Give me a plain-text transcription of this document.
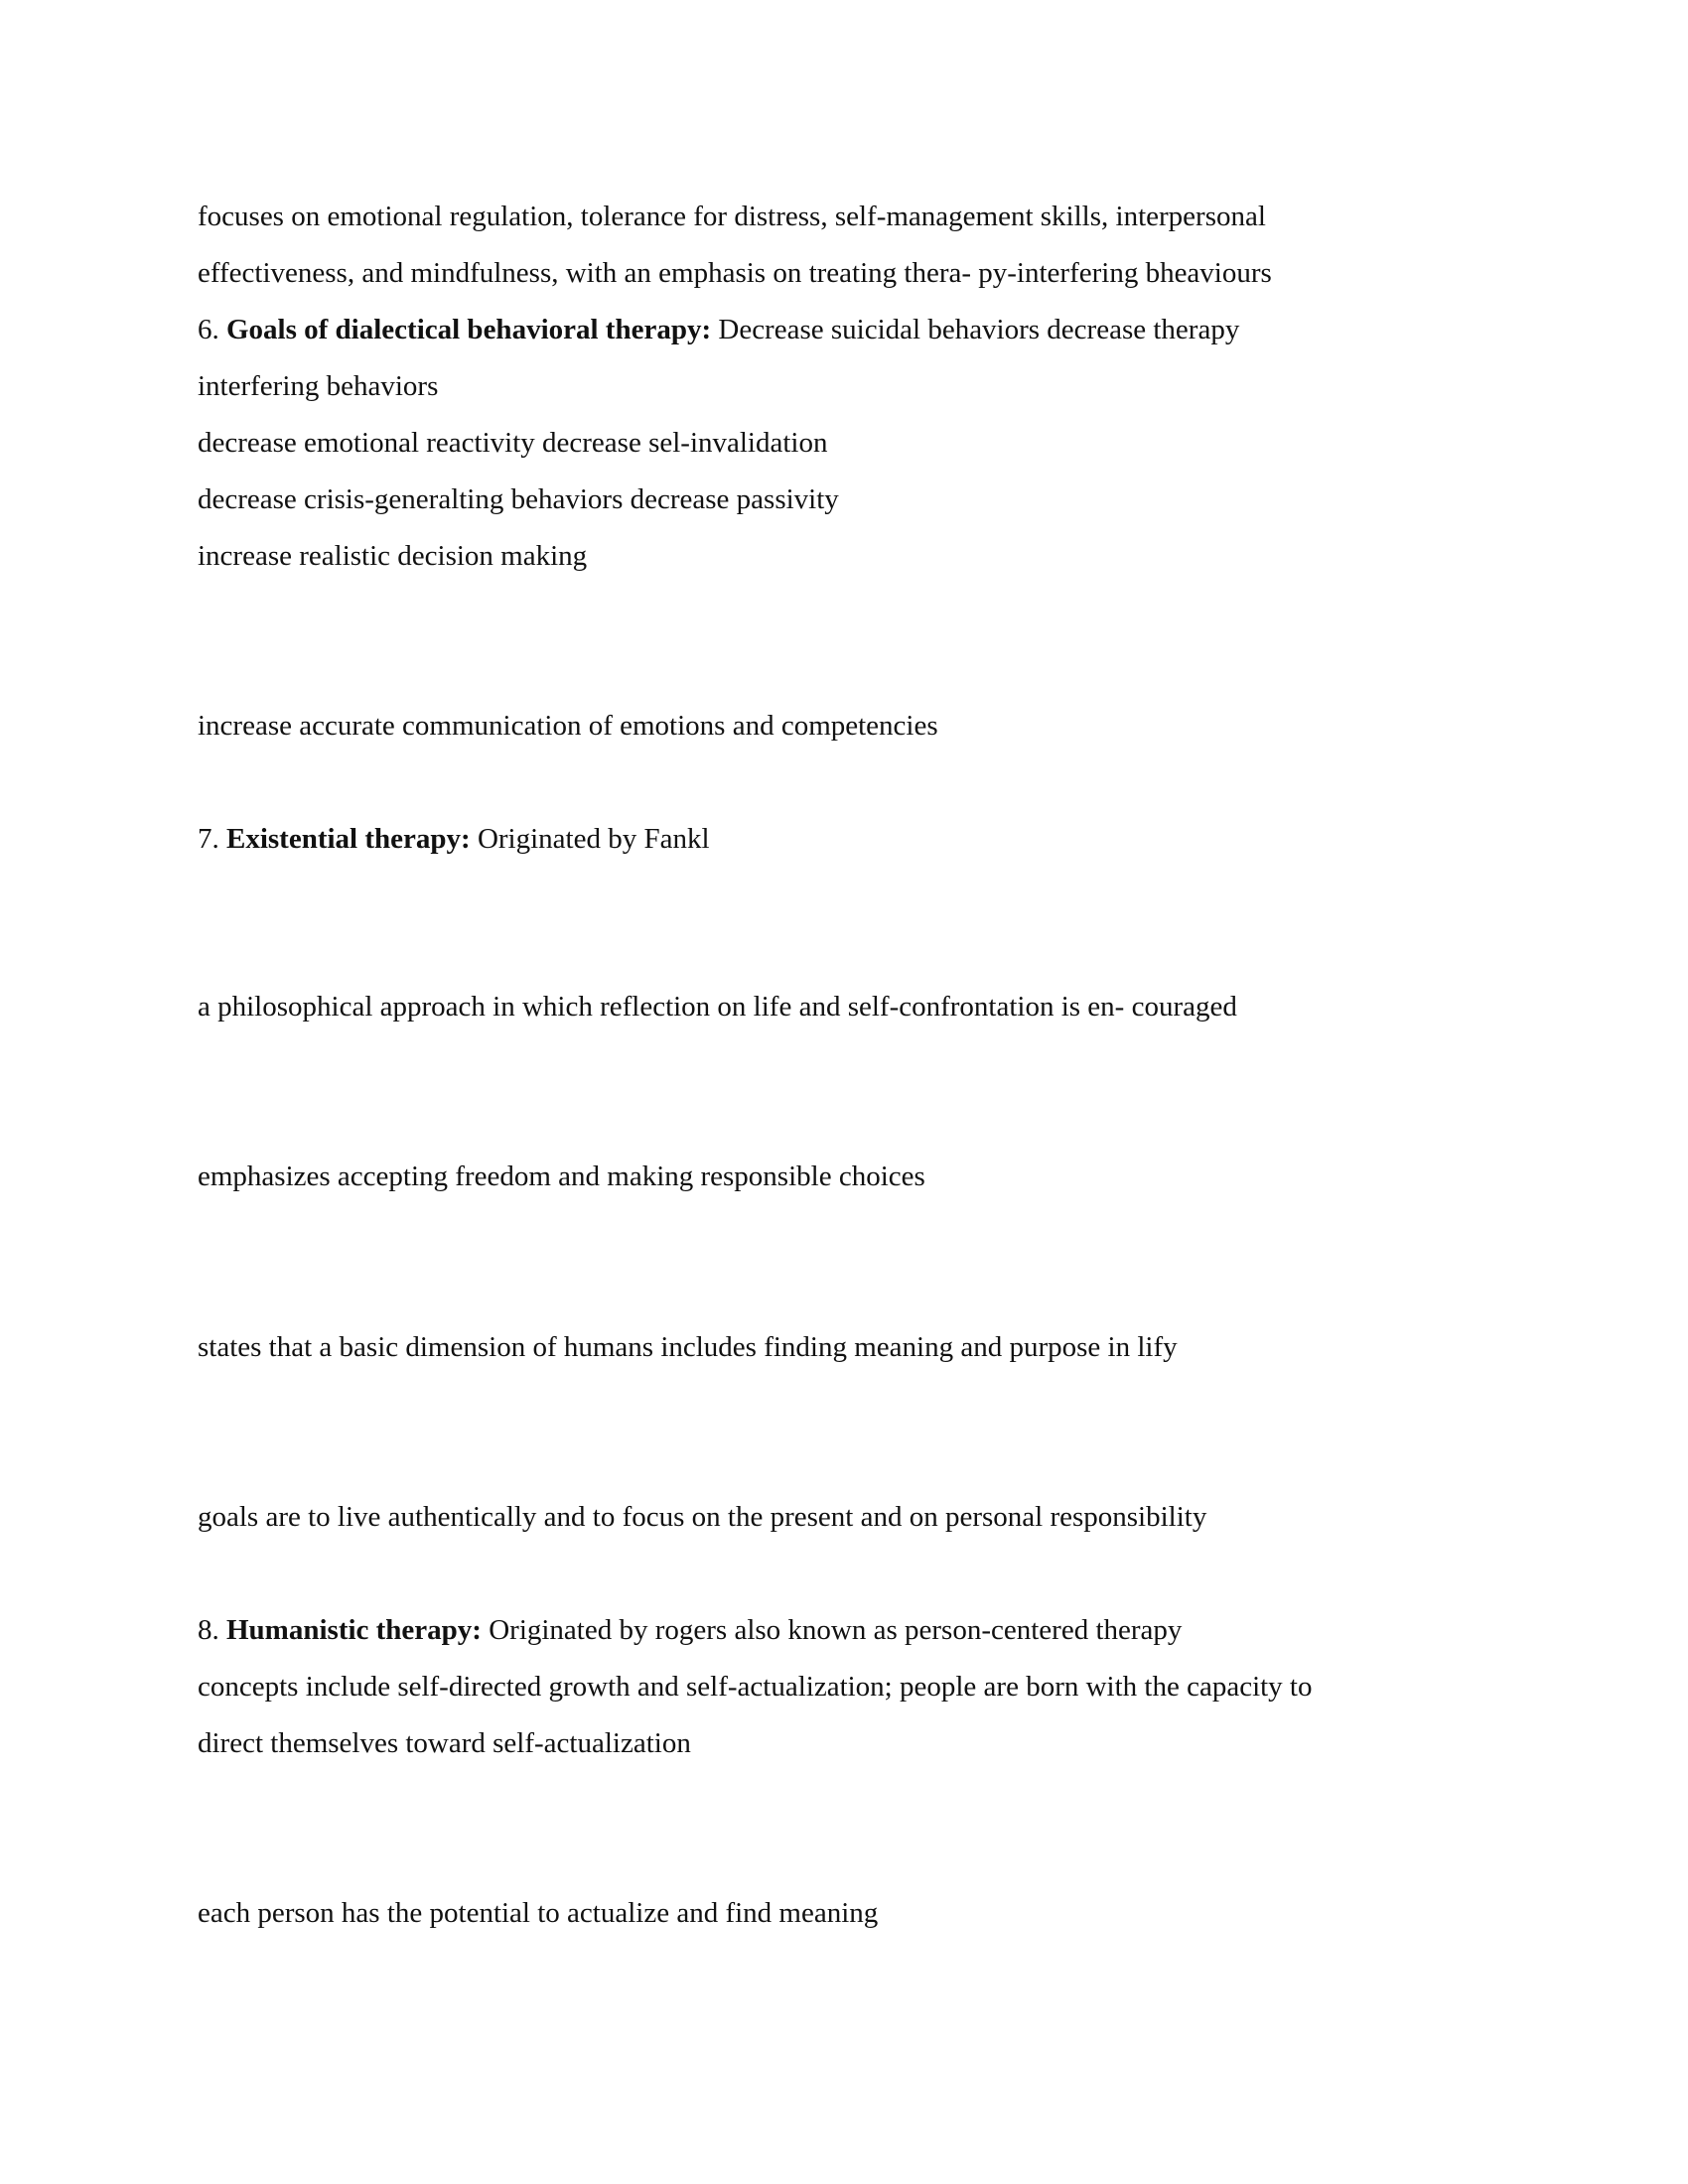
focuses on emotional regulation, tolerance for distress, self-management skills, interpersonal
effectiveness, and mindfulness, with an emphasis on treating thera- py-interfering bheaviours
6. Goals of dialectical behavioral therapy: Decrease suicidal behaviors decrease therapy
interfering behaviors
decrease emotional reactivity decrease sel-invalidation
decrease crisis-generalting behaviors decrease passivity
increase realistic decision making
increase accurate communication of emotions and competencies
7. Existential therapy: Originated by Fankl
a philosophical approach in which reflection on life and self-confrontation is en- couraged
emphasizes accepting freedom and making responsible choices
states that a basic dimension of humans includes finding meaning and purpose in lify
goals are to live authentically and to focus on the present and on personal responsibility
8. Humanistic therapy: Originated by rogers also known as person-centered therapy
concepts include self-directed growth and self-actualization; people are born with the capacity to
direct themselves toward self-actualization
each person has the potential to actualize and find meaning
